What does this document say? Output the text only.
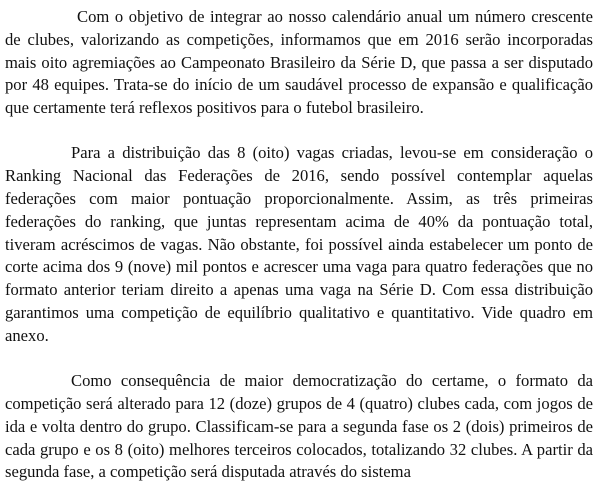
Com o objetivo de integrar ao nosso calendário anual um número crescente de clubes, valorizando as competições, informamos que em 2016 serão incorporadas mais oito agremiações ao Campeonato Brasileiro da Série D, que passa a ser disputado por 48 equipes. Trata-se do início de um saudável processo de expansão e qualificação que certamente terá reflexos positivos para o futebol brasileiro.

Para a distribuição das 8 (oito) vagas criadas, levou-se em consideração o Ranking Nacional das Federações de 2016, sendo possível contemplar aquelas federações com maior pontuação proporcionalmente. Assim, as três primeiras federações do ranking, que juntas representam acima de 40% da pontuação total, tiveram acréscimos de vagas. Não obstante, foi possível ainda estabelecer um ponto de corte acima dos 9 (nove) mil pontos e acrescer uma vaga para quatro federações que no formato anterior teriam direito a apenas uma vaga na Série D. Com essa distribuição garantimos uma competição de equilíbrio qualitativo e quantitativo. Vide quadro em anexo.

Como consequência de maior democratização do certame, o formato da competição será alterado para 12 (doze) grupos de 4 (quatro) clubes cada, com jogos de ida e volta dentro do grupo. Classificam-se para a segunda fase os 2 (dois) primeiros de cada grupo e os 8 (oito) melhores terceiros colocados, totalizando 32 clubes. A partir da segunda fase, a competição será disputada através do sistema
